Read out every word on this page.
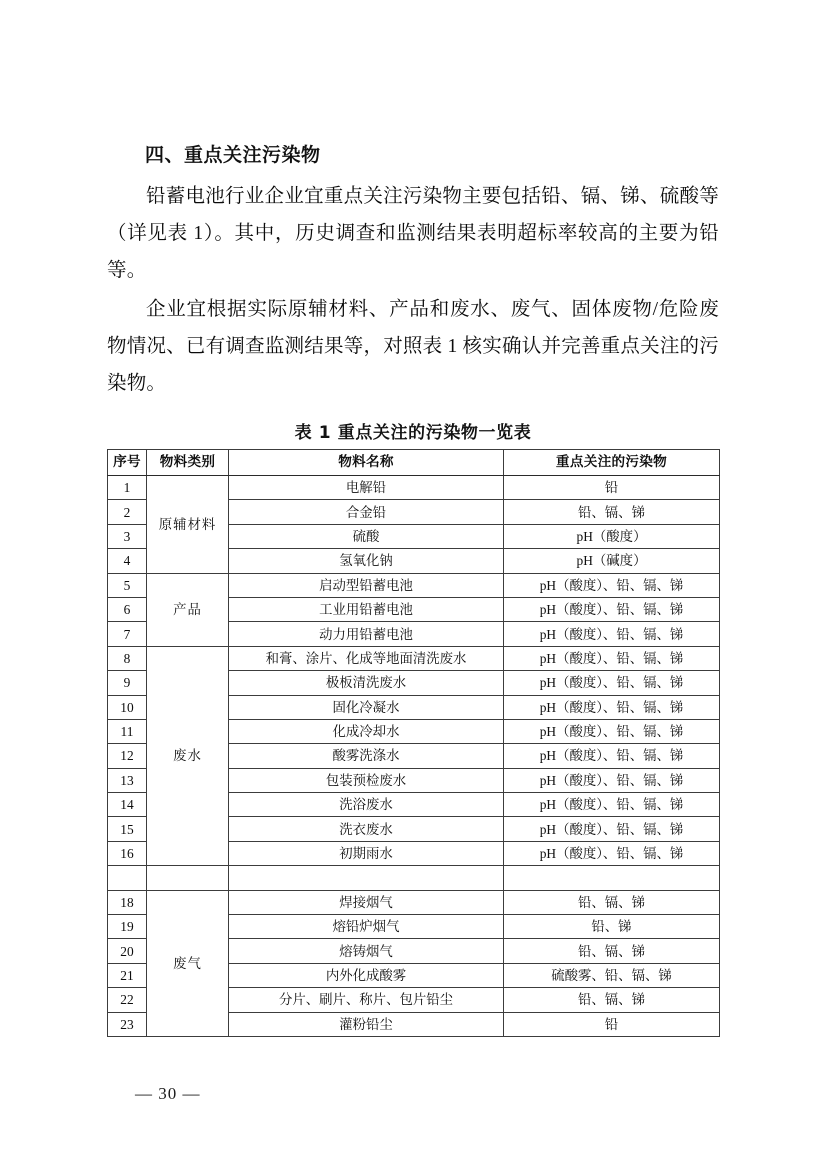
四、重点关注污染物

铅蓄电池行业企业宜重点关注污染物主要包括铅、镉、锑、硫酸等（详见表 1）。其中，历史调查和监测结果表明超标率较高的主要为铅等。

企业宜根据实际原辅材料、产品和废水、废气、固体废物/危险废物情况、已有调查监测结果等，对照表 1 核实确认并完善重点关注的污染物。

表 1 重点关注的污染物一览表
序号	物料类别	物料名称	重点关注的污染物
1	原辅材料	电解铅	铅
2		合金铅	铅、镉、锑
3		硫酸	pH（酸度）
4		氢氧化钠	pH（碱度）
5	产品	启动型铅蓄电池	pH（酸度）、铅、镉、锑
6		工业用铅蓄电池	pH（酸度）、铅、镉、锑
7		动力用铅蓄电池	pH（酸度）、铅、镉、锑
8	废水	和膏、涂片、化成等地面清洗废水	pH（酸度）、铅、镉、锑
9		极板清洗废水	pH（酸度）、铅、镉、锑
10		固化冷凝水	pH（酸度）、铅、镉、锑
11		化成冷却水	pH（酸度）、铅、镉、锑
12		酸雾洗涤水	pH（酸度）、铅、镉、锑
13		包装预检废水	pH（酸度）、铅、镉、锑
14		洗浴废水	pH（酸度）、铅、镉、锑
15		洗衣废水	pH（酸度）、铅、镉、锑
16		初期雨水	pH（酸度）、铅、镉、锑

18	废气	焊接烟气	铅、镉、锑
19		熔铅炉烟气	铅、锑
20		熔铸烟气	铅、镉、锑
21		内外化成酸雾	硫酸雾、铅、镉、锑
22		分片、刷片、称片、包片铅尘	铅、镉、锑
23		灌粉铅尘	铅
— 30 —
